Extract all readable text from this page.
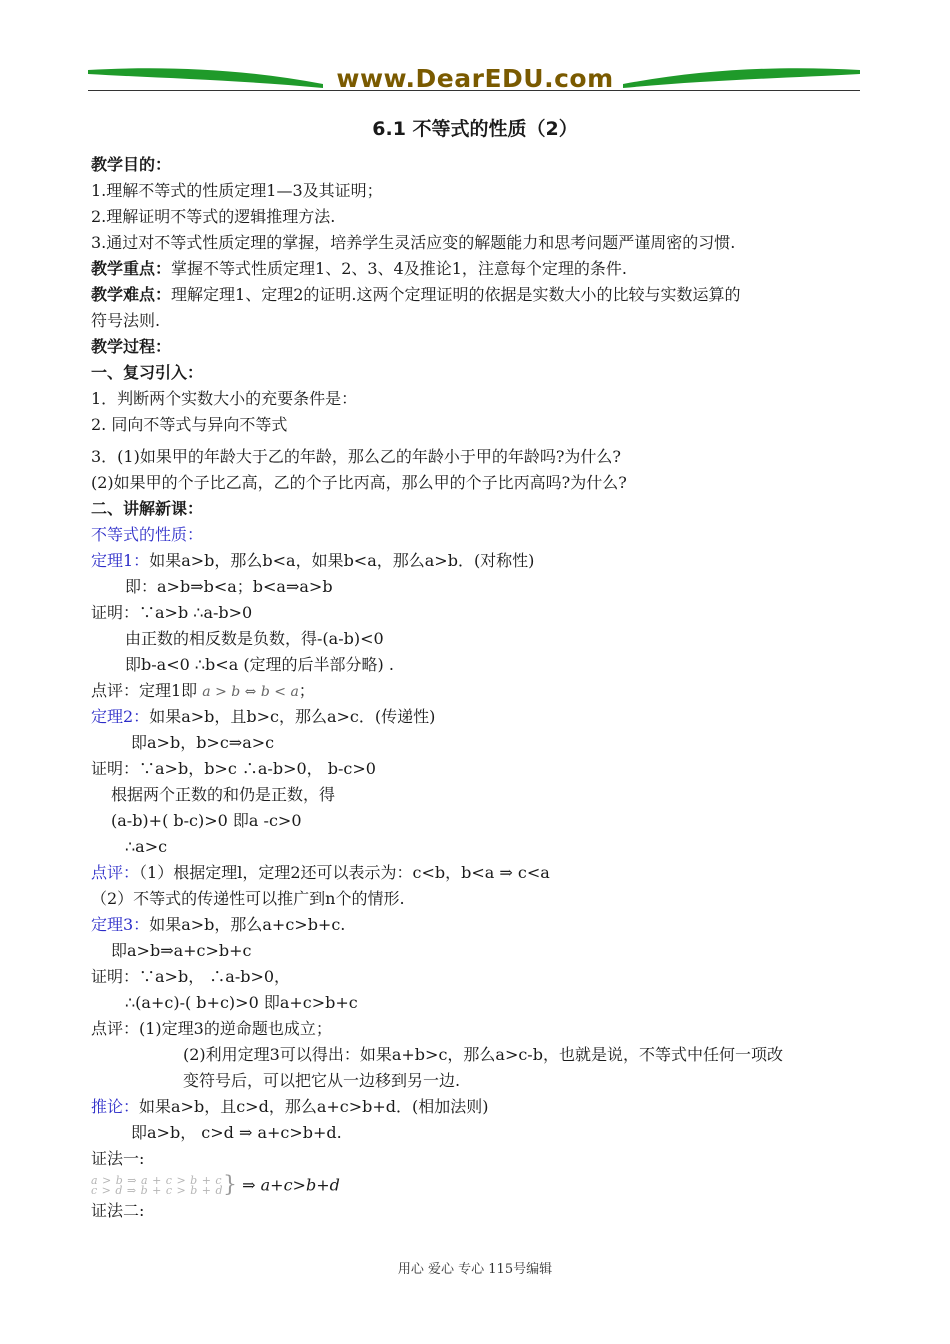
www.DearEDU.com
6.1 不等式的性质（2）
教学目的：
1.理解不等式的性质定理1—3及其证明；
2.理解证明不等式的逻辑推理方法.
3.通过对不等式性质定理的掌握，培养学生灵活应变的解题能力和思考问题严谨周密的习惯.
教学重点：掌握不等式性质定理1、2、3、4及推论1，注意每个定理的条件.
教学难点：理解定理1、定理2的证明.这两个定理证明的依据是实数大小的比较与实数运算的
符号法则.
教学过程：
一、复习引入：
1．判断两个实数大小的充要条件是：
2. 同向不等式与异向不等式
3．(1)如果甲的年龄大于乙的年龄，那么乙的年龄小于甲的年龄吗?为什么?
(2)如果甲的个子比乙高，乙的个子比丙高，那么甲的个子比丙高吗?为什么?
二、讲解新课：
不等式的性质：
定理1：如果a>b，那么b<a，如果b<a，那么a>b．(对称性)
即：a>b⇒b<a；b<a⇒a>b
证明：∵a>b ∴a-b>0
由正数的相反数是负数，得-(a-b)<0
即b-a<0 ∴b<a (定理的后半部分略) .
点评：定理1即 a > b ⇔ b < a；
定理2：如果a>b，且b>c，那么a>c．(传递性)
即a>b，b>c⇒a>c
证明：∵a>b，b>c ∴a-b>0， b-c>0
根据两个正数的和仍是正数，得
(a-b)+( b-c)>0 即a -c>0
∴a>c
点评：（1）根据定理l，定理2还可以表示为：c<b，b<a ⇒ c<a
（2）不等式的传递性可以推广到n个的情形.
定理3：如果a>b，那么a+c>b+c.
即a>b⇒a+c>b+c
证明：∵a>b， ∴a-b>0，
∴(a+c)-( b+c)>0 即a+c>b+c
点评：(1)定理3的逆命题也成立；
(2)利用定理3可以得出：如果a+b>c，那么a>c-b，也就是说，不等式中任何一项改
变符号后，可以把它从一边移到另一边.
推论：如果a>b，且c>d，那么a+c>b+d．(相加法则)
即a>b， c>d ⇒ a+c>b+d.
证法一:
a > b ⇒ a + c > b + c
c > d ⇒ b + c > b + d } ⇒ a+c>b+d
证法二:
用心 爱心 专心 115号编辑
